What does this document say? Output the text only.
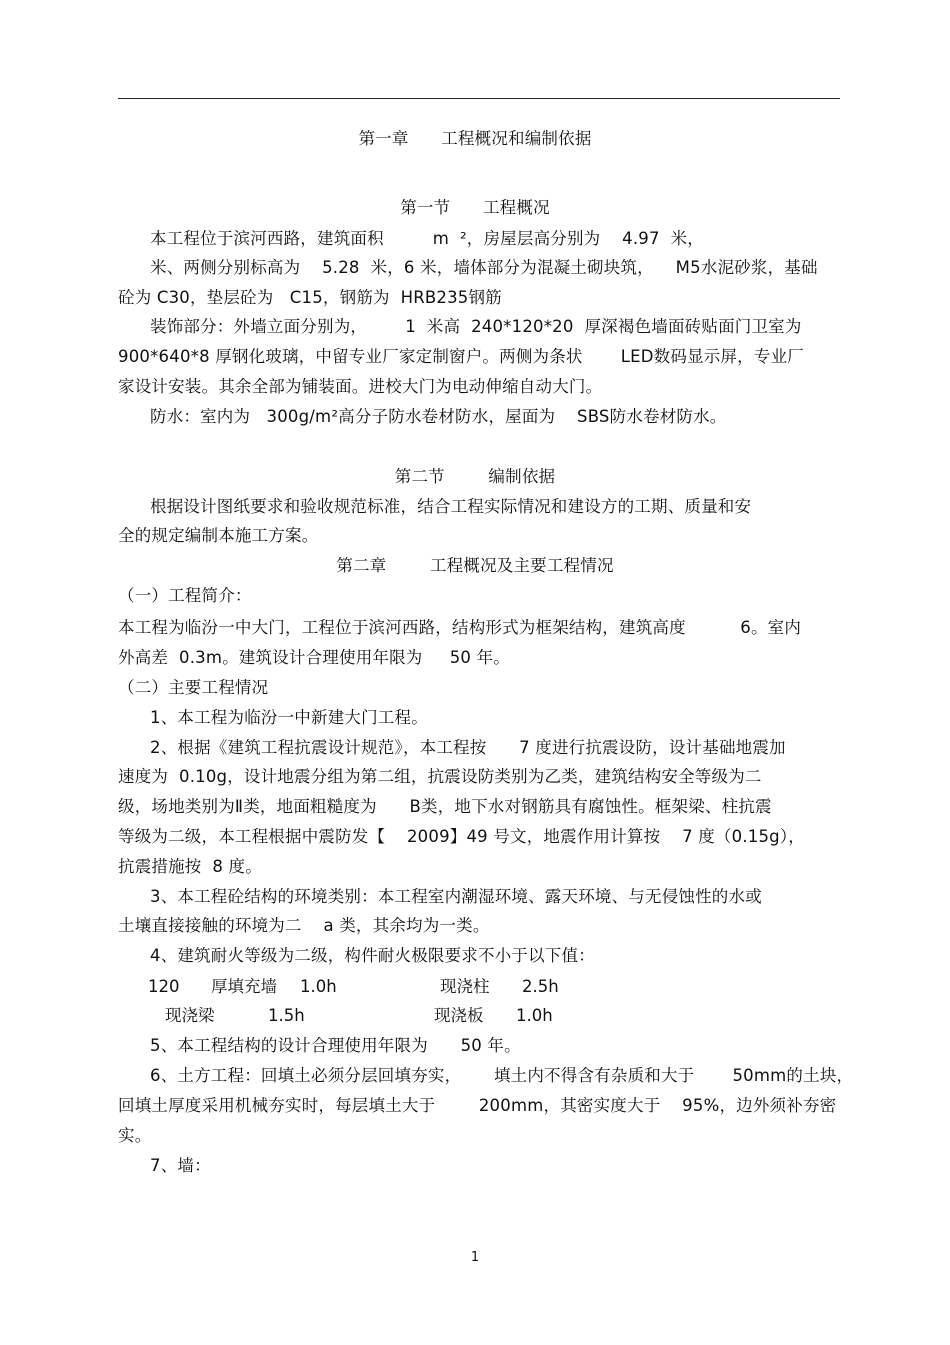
第一章      工程概况和编制依据
第一节      工程概况
本工程位于滨河西路，建筑面积         m  ²，房屋层高分别为    4.97  米，
米、两侧分别标高为    5.28  米，6 米，墙体部分为混凝土砌块筑，    M5水泥砂浆，基础
砼为 C30，垫层砼为   C15，钢筋为  HRB235钢筋
装饰部分：外墙立面分别为，       1  米高  240*120*20  厚深褐色墙面砖贴面门卫室为
900*640*8 厚钢化玻璃，中留专业厂家定制窗户。两侧为条状       LED数码显示屏，专业厂
家设计安装。其余全部为铺装面。进校大门为电动伸缩自动大门。
防水：室内为   300g/m²高分子防水卷材防水，屋面为    SBS防水卷材防水。
第二节        编制依据
根据设计图纸要求和验收规范标准，结合工程实际情况和建设方的工期、质量和安
全的规定编制本施工方案。
第二章        工程概况及主要工程情况
（一）工程简介：
本工程为临汾一中大门，工程位于滨河西路，结构形式为框架结构，建筑高度          6。室内
外高差  0.3m。建筑设计合理使用年限为     50 年。
（二）主要工程情况
1、本工程为临汾一中新建大门工程。
2、根据《建筑工程抗震设计规范》，本工程按      7 度进行抗震设防，设计基础地震加
速度为  0.10g，设计地震分组为第二组，抗震设防类别为乙类，建筑结构安全等级为二
级，场地类别为Ⅱ类，地面粗糙度为      B类，地下水对钢筋具有腐蚀性。框架梁、柱抗震
等级为二级，本工程根据中震防发【    2009】49 号文，地震作用计算按    7 度（0.15g），
抗震措施按  8 度。
3、本工程砼结构的环境类别：本工程室内潮湿环境、露天环境、与无侵蚀性的水或
土壤直接接触的环境为二    a 类，其余均为一类。
4、建筑耐火等级为二级，构件耐火极限要求不小于以下值：
120      厚填充墙 1.0h	现浇柱 2.5h
现浇梁	1.5h	现浇板 1.0h
5、本工程结构的设计合理使用年限为      50 年。
6、土方工程：回填土必须分层回填夯实，      填土内不得含有杂质和大于       50mm的土块，
回填土厚度采用机械夯实时，每层填土大于        200mm，其密实度大于    95%，边外须补夯密
实。
7、墙：
1
